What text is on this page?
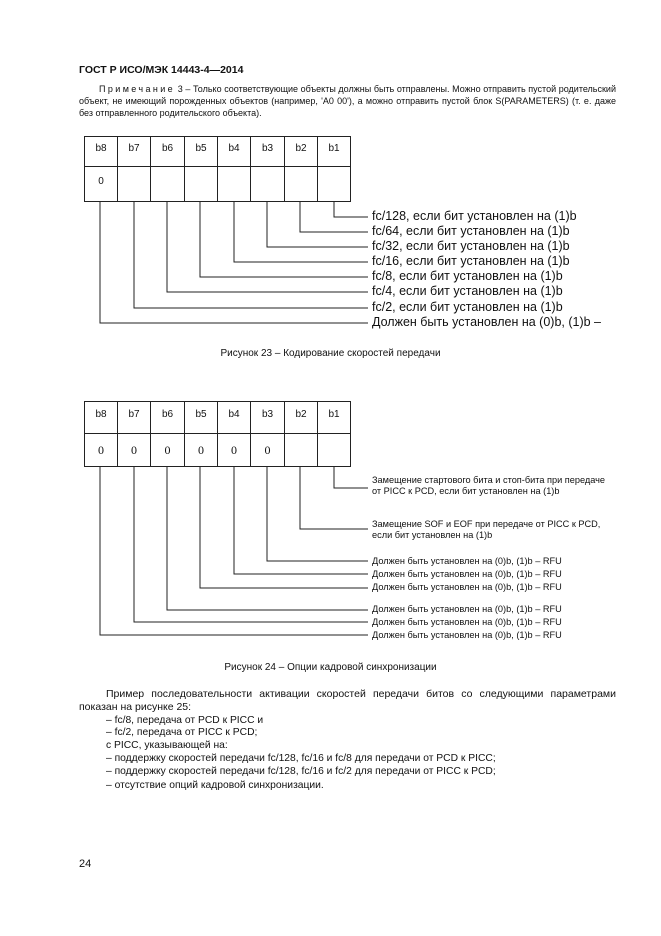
ГОСТ Р ИСО/МЭК 14443-4—2014
Примечание 3 – Только соответствующие объекты должны быть отправлены. Можно отправить пустой родительский объект, не имеющий порожденных объектов (например, 'A0 00'), а можно отправить пустой блок S(PARAMETERS) (т. е. даже без отправленного родительского объекта).
b8	b7	b6	b5	b4	b3	b2	b1
0
fc/128, если бит установлен на (1)b
fc/64, если бит установлен на (1)b
fc/32, если бит установлен на (1)b
fc/16, если бит установлен на (1)b
fc/8, если бит установлен на (1)b
fc/4, если бит установлен на (1)b
fc/2, если бит установлен на (1)b
Должен быть установлен на (0)b, (1)b –
Рисунок 23 – Кодирование скоростей передачи
b8	b7	b6	b5	b4	b3	b2	b1
0	0	0	0	0	0
Замещение стартового бита и стоп-бита при передаче от PICC к PCD, если бит установлен на (1)b
Замещение SOF и EOF при передаче от PICC к PCD, если бит установлен на (1)b
Должен быть установлен на (0)b, (1)b – RFU
Должен быть установлен на (0)b, (1)b – RFU
Должен быть установлен на (0)b, (1)b – RFU
Должен быть установлен на (0)b, (1)b – RFU
Должен быть установлен на (0)b, (1)b – RFU
Должен быть установлен на (0)b, (1)b – RFU
Рисунок 24 – Опции кадровой синхронизации
Пример последовательности активации скоростей передачи битов со следующими параметрами показан на рисунке 25:
– fc/8, передача от PCD к PICC и
– fc/2, передача от PICC к PCD;
с PICC, указывающей на:
– поддержку скоростей передачи fc/128, fc/16 и fc/8 для передачи от PCD к PICC;
– поддержку скоростей передачи fc/128, fc/16 и fc/2 для передачи от PICC к PCD;
– отсутствие опций кадровой синхронизации.
24
